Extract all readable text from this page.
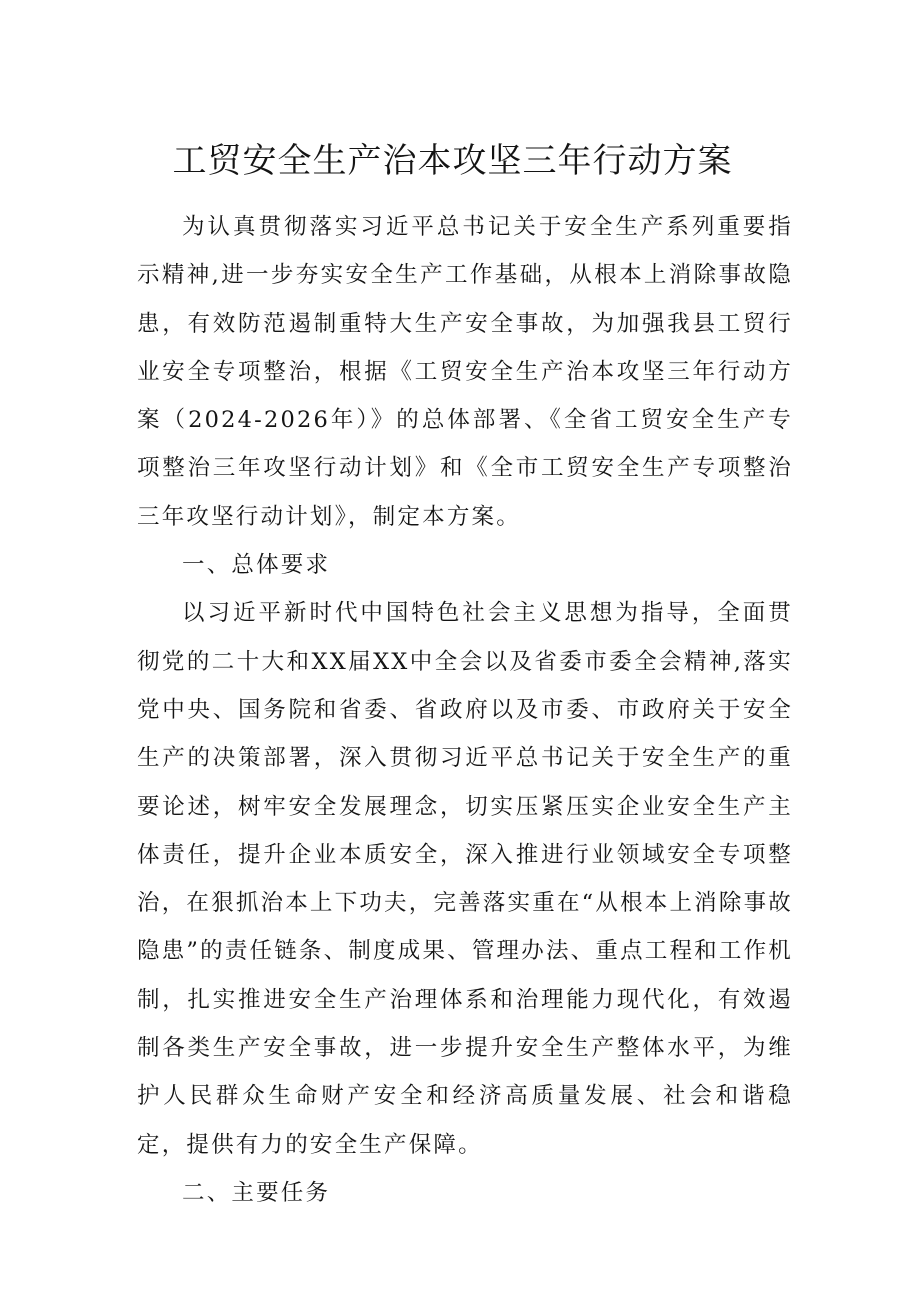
工贸安全生产治本攻坚三年行动方案

为认真贯彻落实习近平总书记关于安全生产系列重要指示精神,进一步夯实安全生产工作基础，从根本上消除事故隐患，有效防范遏制重特大生产安全事故，为加强我县工贸行业安全专项整治，根据《工贸安全生产治本攻坚三年行动方案（2024-2026年）》的总体部署、《全省工贸安全生产专项整治三年攻坚行动计划》和《全市工贸安全生产专项整治三年攻坚行动计划》，制定本方案。

一、总体要求

以习近平新时代中国特色社会主义思想为指导，全面贯彻党的二十大和XX届XX中全会以及省委市委全会精神,落实党中央、国务院和省委、省政府以及市委、市政府关于安全生产的决策部署，深入贯彻习近平总书记关于安全生产的重要论述，树牢安全发展理念，切实压紧压实企业安全生产主体责任，提升企业本质安全，深入推进行业领域安全专项整治，在狠抓治本上下功夫，完善落实重在“从根本上消除事故隐患”的责任链条、制度成果、管理办法、重点工程和工作机制，扎实推进安全生产治理体系和治理能力现代化，有效遏制各类生产安全事故，进一步提升安全生产整体水平，为维护人民群众生命财产安全和经济高质量发展、社会和谐稳定，提供有力的安全生产保障。

二、主要任务
